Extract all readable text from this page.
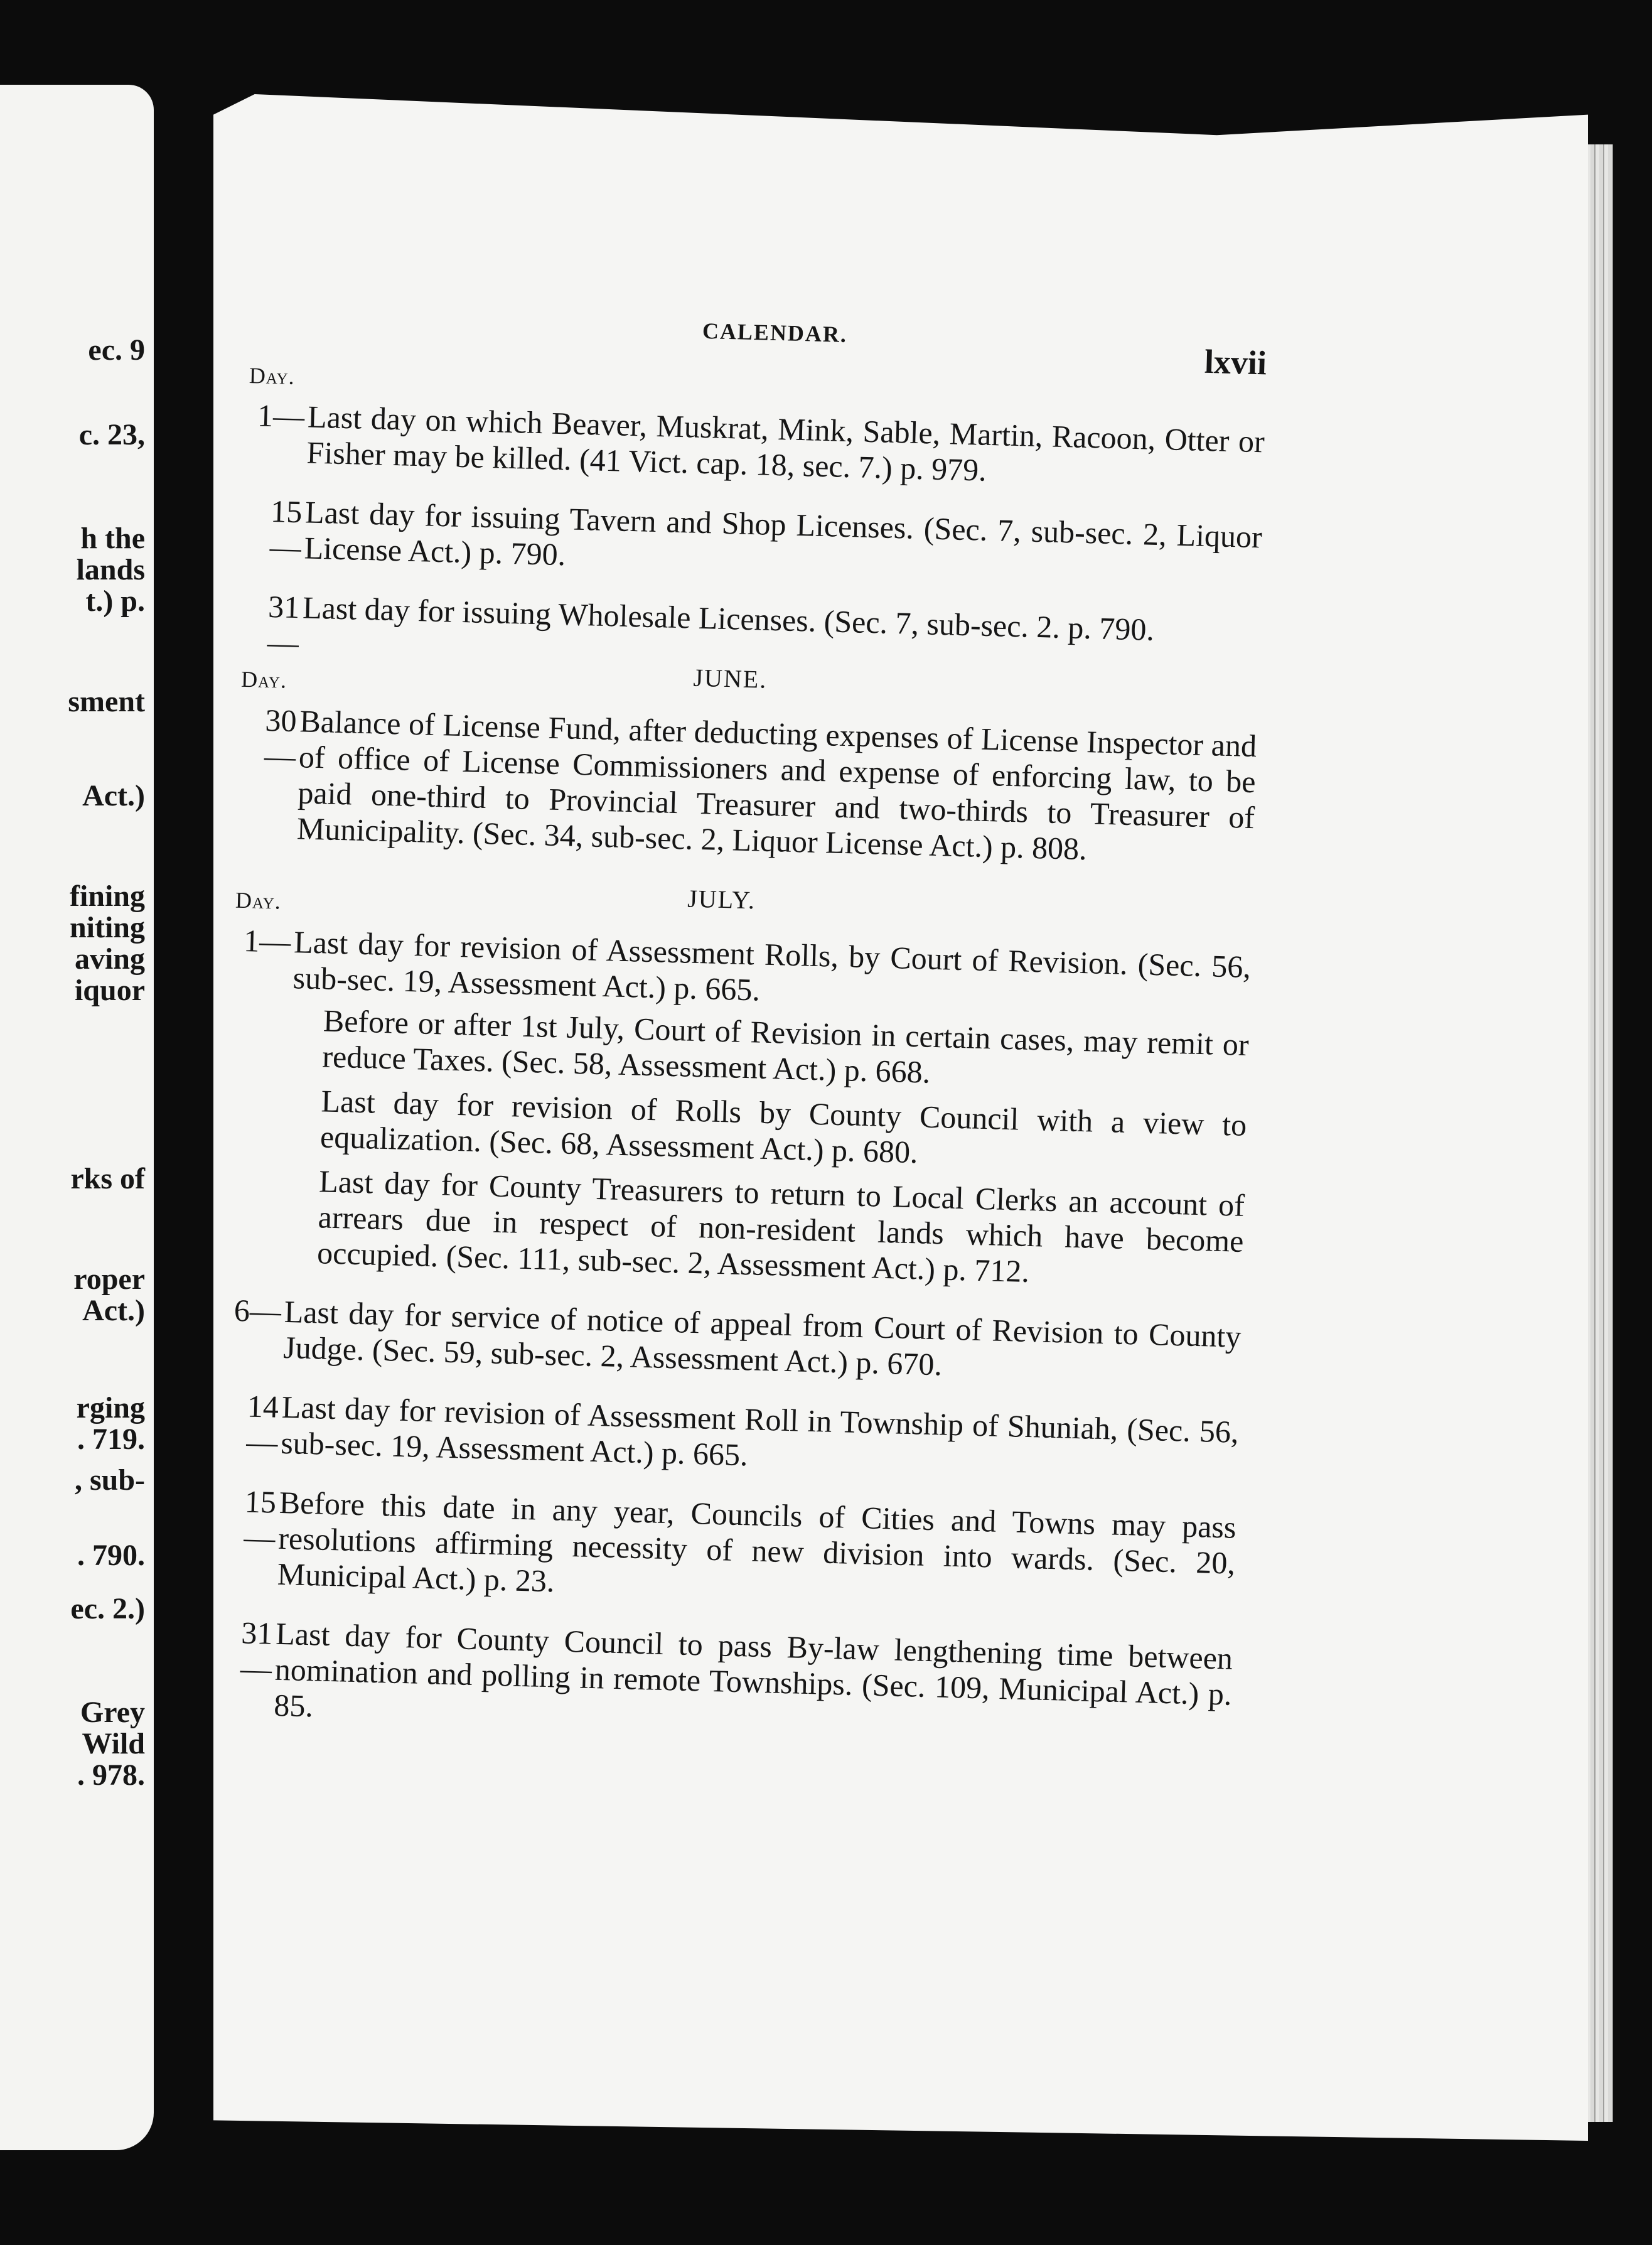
ec. 9
c. 23,
h the
lands
t.) p.
sment
Act.)
fining
niting
aving
iquor
rks of
roper
Act.)
rging
. 719.
, sub-
. 790.
ec. 2.)
Grey
Wild
. 978.
CALENDAR.
lxvii
Day.
1— Last day on which Beaver, Muskrat, Mink, Sable, Martin, Racoon, Otter or Fisher may be killed. (41 Vict. cap. 18, sec. 7.) p. 979.
15— Last day for issuing Tavern and Shop Licenses. (Sec. 7, sub-sec. 2, Liquor License Act.) p. 790.
31— Last day for issuing Wholesale Licenses. (Sec. 7, sub-sec. 2. p. 790.
Day.	JUNE.
30— Balance of License Fund, after deducting expenses of License Inspector and of office of License Commissioners and expense of enforcing law, to be paid one-third to Provincial Treasurer and two-thirds to Treasurer of Municipality. (Sec. 34, sub-sec. 2, Liquor License Act.) p. 808.
Day.	JULY.
1— Last day for revision of Assessment Rolls, by Court of Revision. (Sec. 56, sub-sec. 19, Assessment Act.) p. 665.
Before or after 1st July, Court of Revision in certain cases, may remit or reduce Taxes. (Sec. 58, Assessment Act.) p. 668.
Last day for revision of Rolls by County Council with a view to equalization. (Sec. 68, Assessment Act.) p. 680.
Last day for County Treasurers to return to Local Clerks an account of arrears due in respect of non-resident lands which have become occupied. (Sec. 111, sub-sec. 2, Assessment Act.) p. 712.
6— Last day for service of notice of appeal from Court of Revision to County Judge. (Sec. 59, sub-sec. 2, Assessment Act.) p. 670.
14— Last day for revision of Assessment Roll in Township of Shuniah, (Sec. 56, sub-sec. 19, Assessment Act.) p. 665.
15— Before this date in any year, Councils of Cities and Towns may pass resolutions affirming necessity of new division into wards. (Sec. 20, Municipal Act.) p. 23.
31— Last day for County Council to pass By-law lengthening time between nomination and polling in remote Townships. (Sec. 109, Municipal Act.) p. 85.
